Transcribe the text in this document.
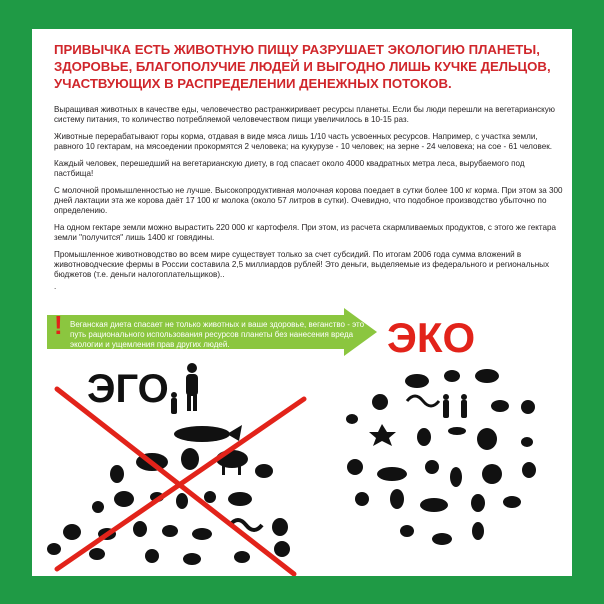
ПРИВЫЧКА ЕСТЬ ЖИВОТНУЮ ПИЩУ РАЗРУШАЕТ ЭКОЛОГИЮ ПЛАНЕТЫ, ЗДОРОВЬЕ, БЛАГОПОЛУЧИЕ ЛЮДЕЙ И ВЫГОДНО ЛИШЬ КУЧКЕ ДЕЛЬЦОВ, УЧАСТВУЮЩИХ В РАСПРЕДЕЛЕНИИ ДЕНЕЖНЫХ ПОТОКОВ.

Выращивая животных в качестве еды, человечество растранжиривает ресурсы планеты. Если бы люди перешли на вегетарианскую систему питания, то количество потребляемой человечеством пищи увеличилось в 10-15 раз.

Животные перерабатывают горы корма, отдавая в виде мяса лишь 1/10 часть усвоенных ресурсов. Например, с участка земли, равного 10 гектарам, на мясоедении прокормятся 2 человека; на кукурузе - 10 человек; на зерне - 24 человека; на сое - 61 человек.

Каждый человек, перешедший на вегетарианскую диету, в год спасает около 4000 квадратных метра леса, вырубаемого под пастбища!

С молочной промышленностью не лучше. Высокопродуктивная молочная корова поедает в сутки более 100 кг корма. При этом за 300 дней лактации эта же корова даёт 17 100 кг молока (около 57 литров в сутки). Очевидно, что подобное производство убыточно по определению.

На одном гектаре земли можно вырастить 220 000 кг картофеля. При этом, из расчета скармливаемых продуктов, с этого же гектара земли "получится" лишь 1400 кг говядины.

Промышленное животноводство во всем мире существует только за счет субсидий. По итогам 2006 года сумма вложений в животноводческие фермы в России составила 2,5 миллиардов рублей! Это деньги, выделяемые из федерального и региональных бюджетов (т.е. деньги налогоплательщиков)..

.

! Веганская диета спасает не только животных и ваше здоровье, веганство - это путь рационального использования ресурсов планеты без нанесения вреда экологии и ущемления прав других людей.	ЭКО
ЭГО
